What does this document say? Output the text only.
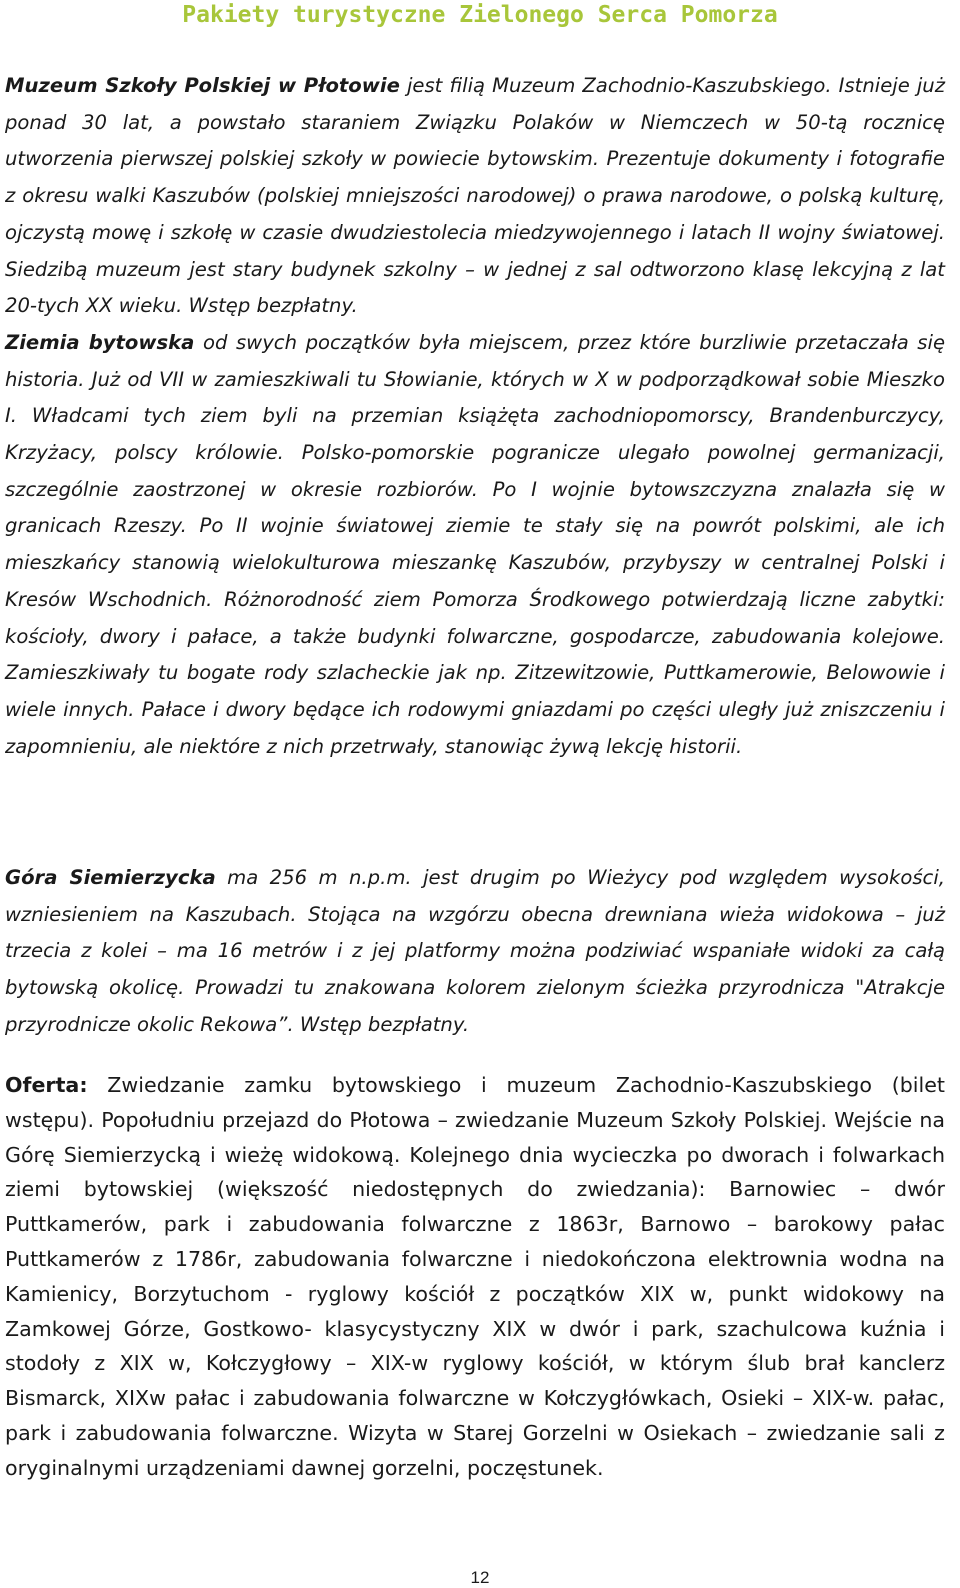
Pakiety turystyczne Zielonego Serca Pomorza

Muzeum Szkoły Polskiej w Płotowie jest filią Muzeum Zachodnio-Kaszubskiego. Istnieje już ponad 30 lat, a powstało staraniem Związku Polaków w Niemczech w 50-tą rocznicę utworzenia pierwszej polskiej szkoły w powiecie bytowskim. Prezentuje dokumenty i fotografie z okresu walki Kaszubów (polskiej mniejszości narodowej) o prawa narodowe, o polską kulturę, ojczystą mowę i szkołę w czasie dwudziestolecia miedzywojennego i latach II wojny światowej. Siedzibą muzeum jest stary budynek szkolny – w jednej z sal odtworzono klasę lekcyjną z lat 20-tych XX wieku. Wstęp bezpłatny.

Ziemia bytowska od swych początków była miejscem, przez które burzliwie przetaczała się historia. Już od VII w zamieszkiwali tu Słowianie, których w X w podporządkował sobie Mieszko I. Władcami tych ziem byli na przemian książęta zachodniopomorscy, Brandenburczycy, Krzyżacy, polscy królowie. Polsko-pomorskie pogranicze ulegało powolnej germanizacji, szczególnie zaostrzonej w okresie rozbiorów. Po I wojnie bytowszczyzna znalazła się w granicach Rzeszy. Po II wojnie światowej ziemie te stały się na powrót polskimi, ale ich mieszkańcy stanowią wielokulturowa mieszankę Kaszubów, przybyszy w centralnej Polski i Kresów Wschodnich. Różnorodność ziem Pomorza Środkowego potwierdzają liczne zabytki: kościoły, dwory i pałace, a także budynki folwarczne, gospodarcze, zabudowania kolejowe. Zamieszkiwały tu bogate rody szlacheckie jak np. Zitzewitzowie, Puttkamerowie, Belowowie i wiele innych. Pałace i dwory będące ich rodowymi gniazdami po części uległy już zniszczeniu i zapomnieniu, ale niektóre z nich przetrwały, stanowiąc żywą lekcję historii.

Góra Siemierzycka ma 256 m n.p.m. jest drugim po Wieżycy pod względem wysokości, wzniesieniem na Kaszubach. Stojąca na wzgórzu obecna drewniana wieża widokowa – już trzecia z kolei – ma 16 metrów i z jej platformy można podziwiać wspaniałe widoki za całą bytowską okolicę. Prowadzi tu znakowana kolorem zielonym ścieżka przyrodnicza "Atrakcje przyrodnicze okolic Rekowa”. Wstęp bezpłatny.

Oferta: Zwiedzanie zamku bytowskiego i muzeum Zachodnio-Kaszubskiego (bilet wstępu). Popołudniu przejazd do Płotowa – zwiedzanie Muzeum Szkoły Polskiej. Wejście na Górę Siemierzycką i wieżę widokową. Kolejnego dnia wycieczka po dworach i folwarkach ziemi bytowskiej (większość niedostępnych do zwiedzania): Barnowiec – dwór Puttkamerów, park i zabudowania folwarczne z 1863r, Barnowo – barokowy pałac Puttkamerów z 1786r, zabudowania folwarczne i niedokończona elektrownia wodna na Kamienicy, Borzytuchom - ryglowy kościół z początków XIX w, punkt widokowy na Zamkowej Górze, Gostkowo- klasycystyczny XIX w dwór i park, szachulcowa kuźnia i stodoły z XIX w, Kołczygłowy – XIX-w ryglowy kościół, w którym ślub brał kanclerz Bismarck, XIXw pałac i zabudowania folwarczne w Kołczygłówkach, Osieki – XIX-w. pałac, park i zabudowania folwarczne. Wizyta w Starej Gorzelni w Osiekach – zwiedzanie sali z oryginalnymi urządzeniami dawnej gorzelni, poczęstunek.

12
